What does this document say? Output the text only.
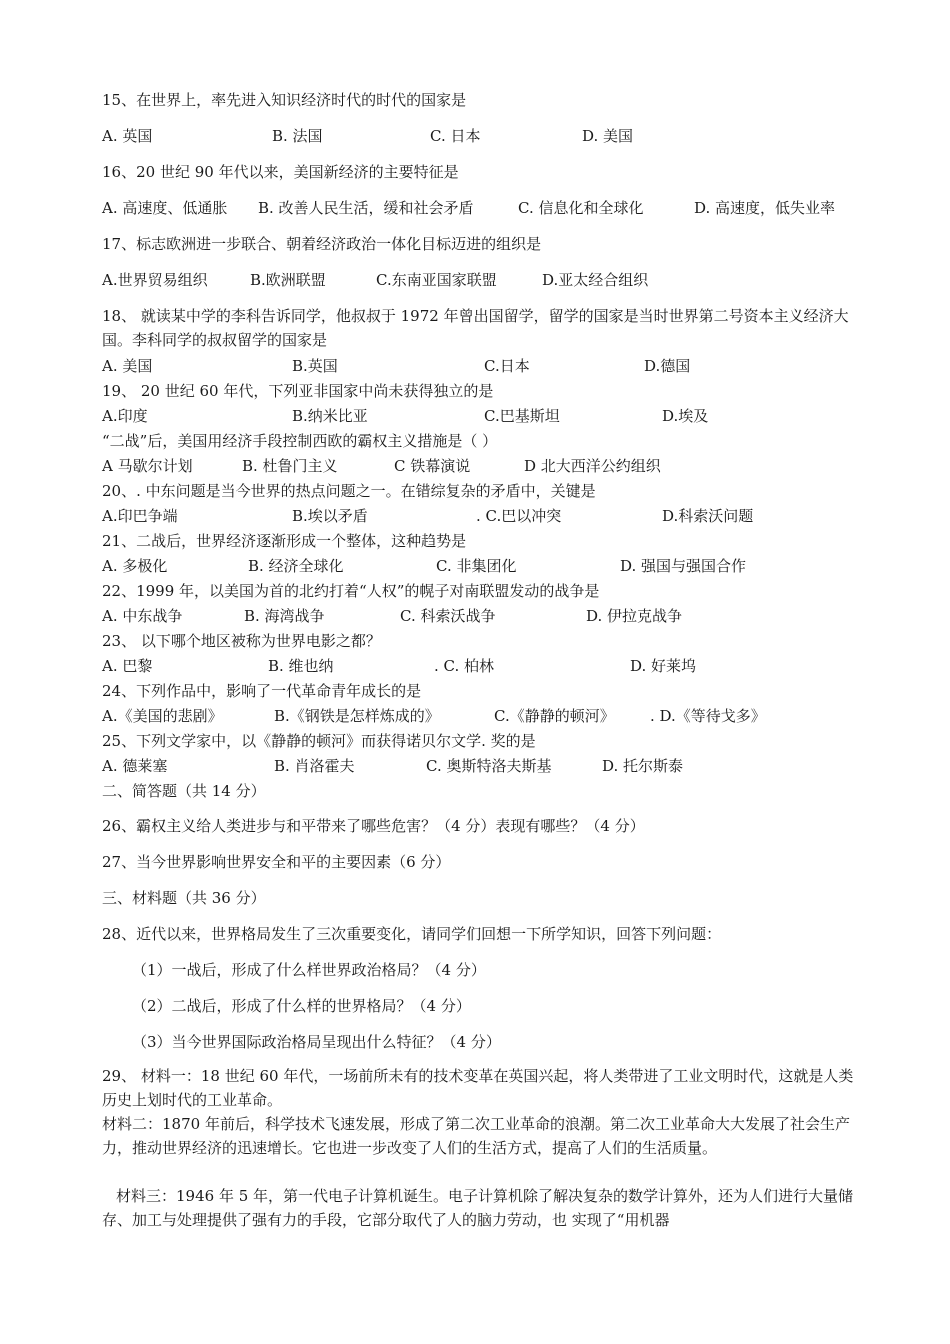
15、在世界上，率先进入知识经济时代的时代的国家是
A. 英国	B. 法国	C. 日本	D. 美国
16、20 世纪 90 年代以来，美国新经济的主要特征是
A. 高速度、低通胀 B. 改善人民生活，缓和社会矛盾	C. 信息化和全球化	D. 高速度，低失业率
17、标志欧洲进一步联合、朝着经济政治一体化目标迈进的组织是
A.世界贸易组织	B.欧洲联盟	C.东南亚国家联盟	D.亚太经合组织
18、 就读某中学的李科告诉同学，他叔叔于 1972 年曾出国留学，留学的国家是当时世界第二号资本主义经济大国。李科同学的叔叔留学的国家是
A. 美国	B.英国	C.日本	D.德国
19、 20 世纪 60 年代，下列亚非国家中尚未获得独立的是
A.印度	B.纳米比亚	C.巴基斯坦	D.埃及
“二战”后，美国用经济手段控制西欧的霸权主义措施是（ ）
A 马歇尔计划	B. 杜鲁门主义	C 铁幕演说	D 北大西洋公约组织
20、. 中东问题是当今世界的热点问题之一。在错综复杂的矛盾中，关键是
A.印巴争端	B.埃以矛盾	. C.巴以冲突	D.科索沃问题
21、二战后，世界经济逐渐形成一个整体，这种趋势是
A. 多极化	B. 经济全球化	C. 非集团化	D. 强国与强国合作
22、1999 年，以美国为首的北约打着“人权”的幌子对南联盟发动的战争是
A. 中东战争	B. 海湾战争	C. 科索沃战争	D. 伊拉克战争
23、 以下哪个地区被称为世界电影之都？
A. 巴黎	B. 维也纳	. C. 柏林	D. 好莱坞
24、下列作品中，影响了一代革命青年成长的是
A.《美国的悲剧》	B.《钢铁是怎样炼成的》	C.《静静的顿河》 . D.《等待戈多》
25、下列文学家中，以《静静的顿河》而获得诺贝尔文学. 奖的是
A. 德莱塞	B. 肖洛霍夫	C. 奥斯特洛夫斯基	D. 托尔斯泰
二、简答题（共 14 分）
26、霸权主义给人类进步与和平带来了哪些危害？（4 分）表现有哪些？（4 分）
27、当今世界影响世界安全和平的主要因素（6 分）
三、材料题（共 36 分）
28、近代以来，世界格局发生了三次重要变化，请同学们回想一下所学知识，回答下列问题：
（1）一战后，形成了什么样世界政治格局？（4 分）
（2）二战后，形成了什么样的世界格局？（4 分）
（3）当今世界国际政治格局呈现出什么特征？（4 分）
29、 材料一：18 世纪 60 年代，一场前所未有的技术变革在英国兴起，将人类带进了工业文明时代，这就是人类历史上划时代的工业革命。
材料二：1870 年前后，科学技术飞速发展，形成了第二次工业革命的浪潮。第二次工业革命大大发展了社会生产力，推动世界经济的迅速增长。它也进一步改变了人们的生活方式，提高了人们的生活质量。
材料三：1946 年 5 年，第一代电子计算机诞生。电子计算机除了解决复杂的数学计算外，还为人们进行大量储存、加工与处理提供了强有力的手段，它部分取代了人的脑力劳动，也 实现了“用机器
